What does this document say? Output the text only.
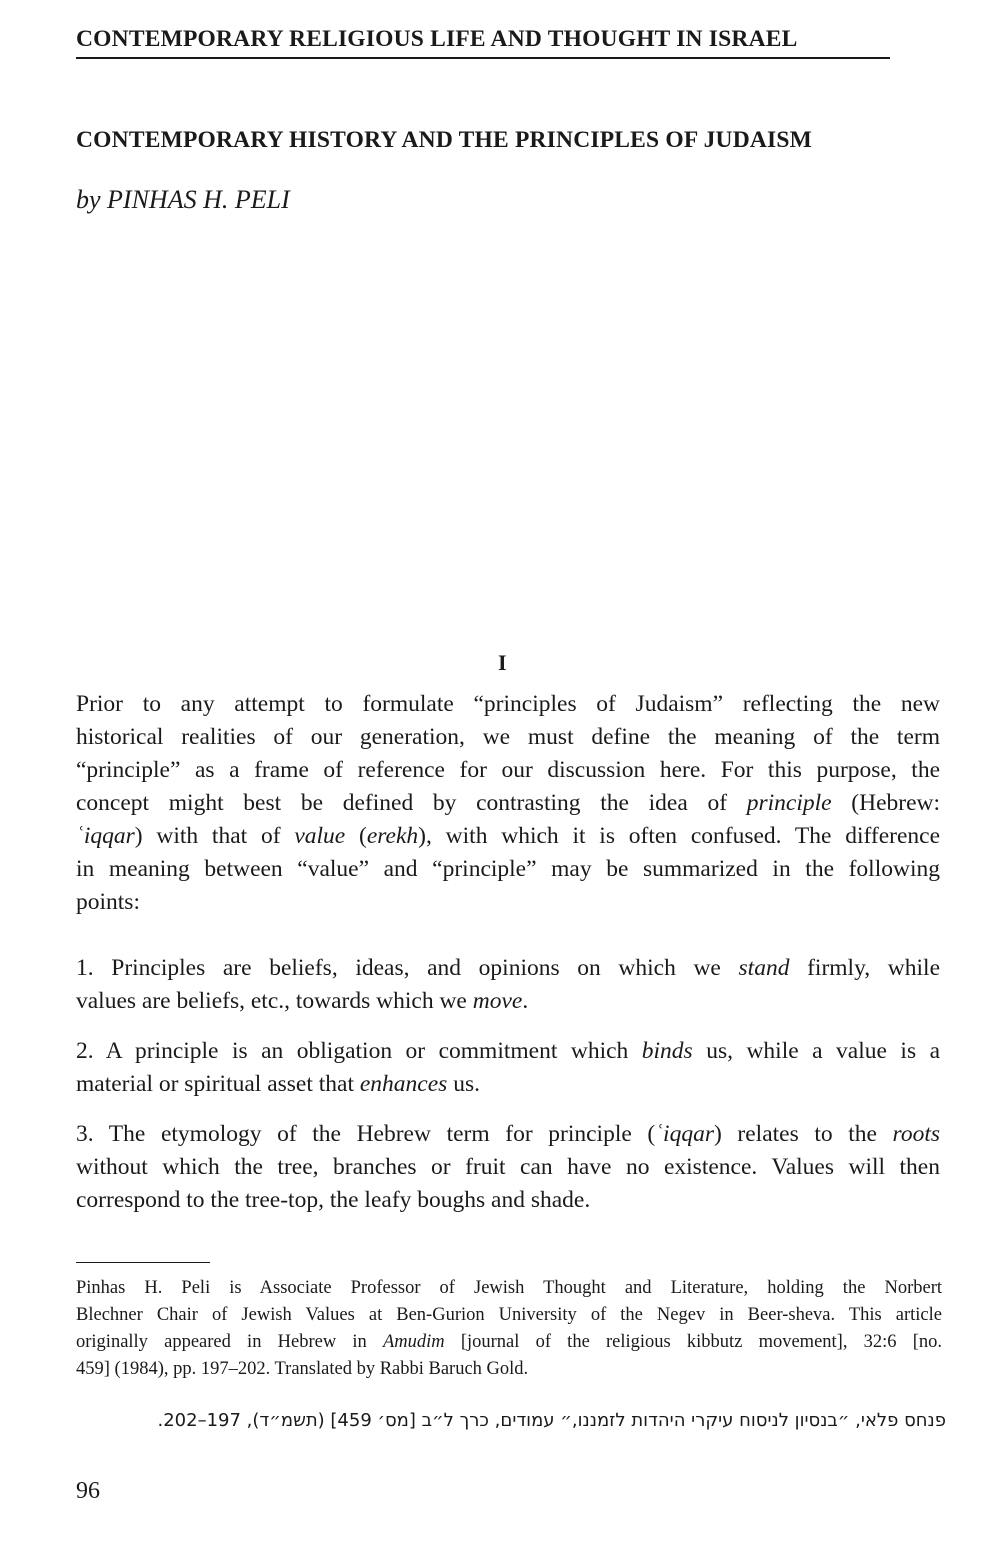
CONTEMPORARY RELIGIOUS LIFE AND THOUGHT IN ISRAEL
CONTEMPORARY HISTORY AND THE PRINCIPLES OF JUDAISM
by PINHAS H. PELI
I
Prior to any attempt to formulate “principles of Judaism” reflecting the new
historical realities of our generation, we must define the meaning of the term
“principle” as a frame of reference for our discussion here. For this purpose, the
concept might best be defined by contrasting the idea of principle (Hebrew:
ʿiqqar) with that of value (erekh), with which it is often confused. The difference
in meaning between “value” and “principle” may be summarized in the following
points:
1. Principles are beliefs, ideas, and opinions on which we stand firmly, while
values are beliefs, etc., towards which we move.
2. A principle is an obligation or commitment which binds us, while a value is a
material or spiritual asset that enhances us.
3. The etymology of the Hebrew term for principle (ʿiqqar) relates to the roots
without which the tree, branches or fruit can have no existence. Values will then
correspond to the tree-top, the leafy boughs and shade.
Pinhas H. Peli is Associate Professor of Jewish Thought and Literature, holding the Norbert
Blechner Chair of Jewish Values at Ben-Gurion University of the Negev in Beer-sheva. This article
originally appeared in Hebrew in Amudim [journal of the religious kibbutz movement], 32:6 [no.
459] (1984), pp. 197–202. Translated by Rabbi Baruch Gold.
פנחס פלאי, ״בנסיון לניסוח עיקרי היהדות לזמננו,״ עמודים, כרך ל״ב [מס׳ 459] (תשמ״ד), 197–202.
96
